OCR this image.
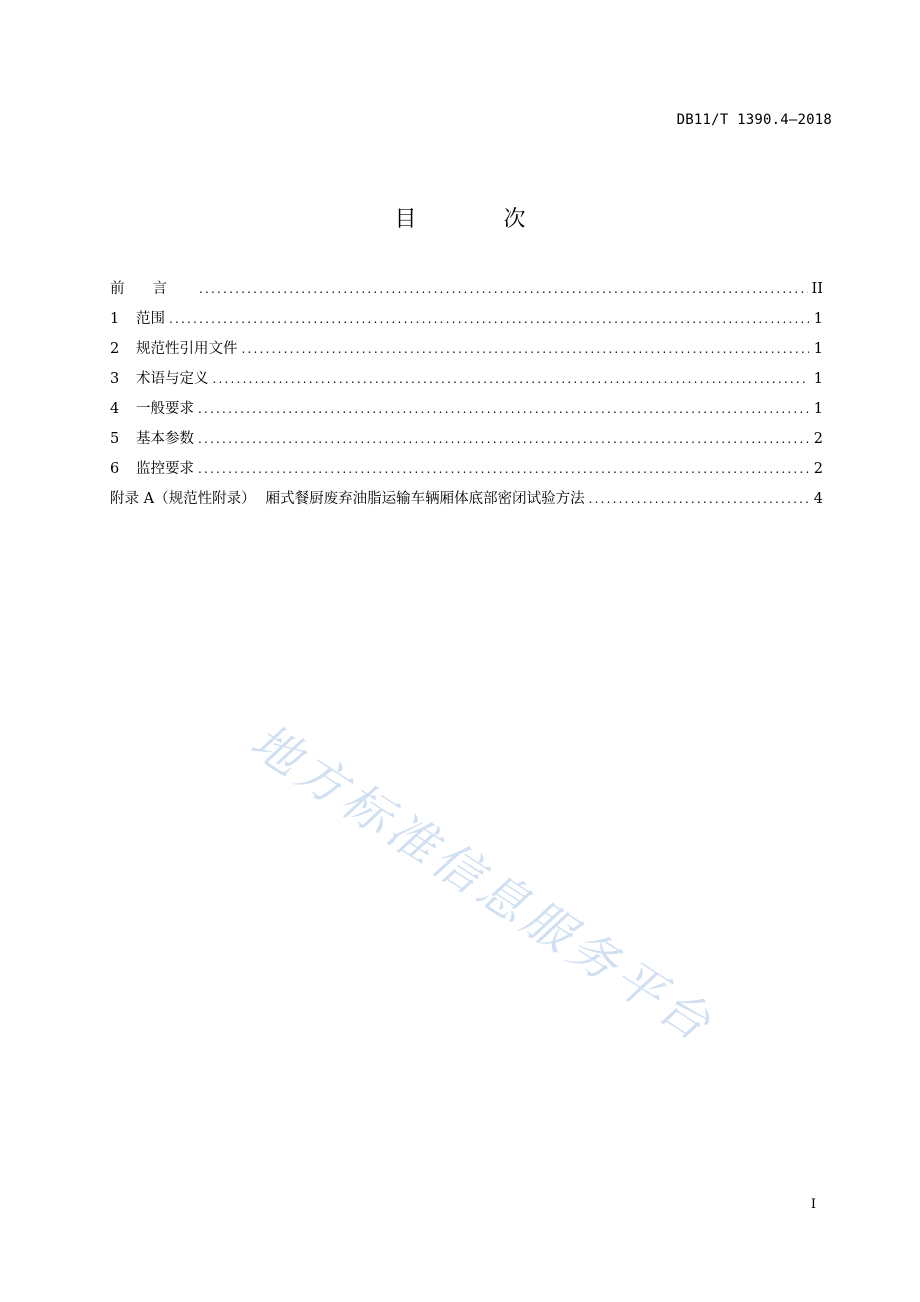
DB11/T 1390.4—2018
目 次
前言 .....	II
1	范围 .....	1
2	规范性引用文件 .....	1
3	术语与定义 .....	1
4	一般要求 .....	1
5	基本参数 .....	2
6	监控要求 .....	2
附录 A（规范性附录） 厢式餐厨废弃油脂运输车辆厢体底部密闭试验方法 .....	4
地方标准信息服务平台
I
